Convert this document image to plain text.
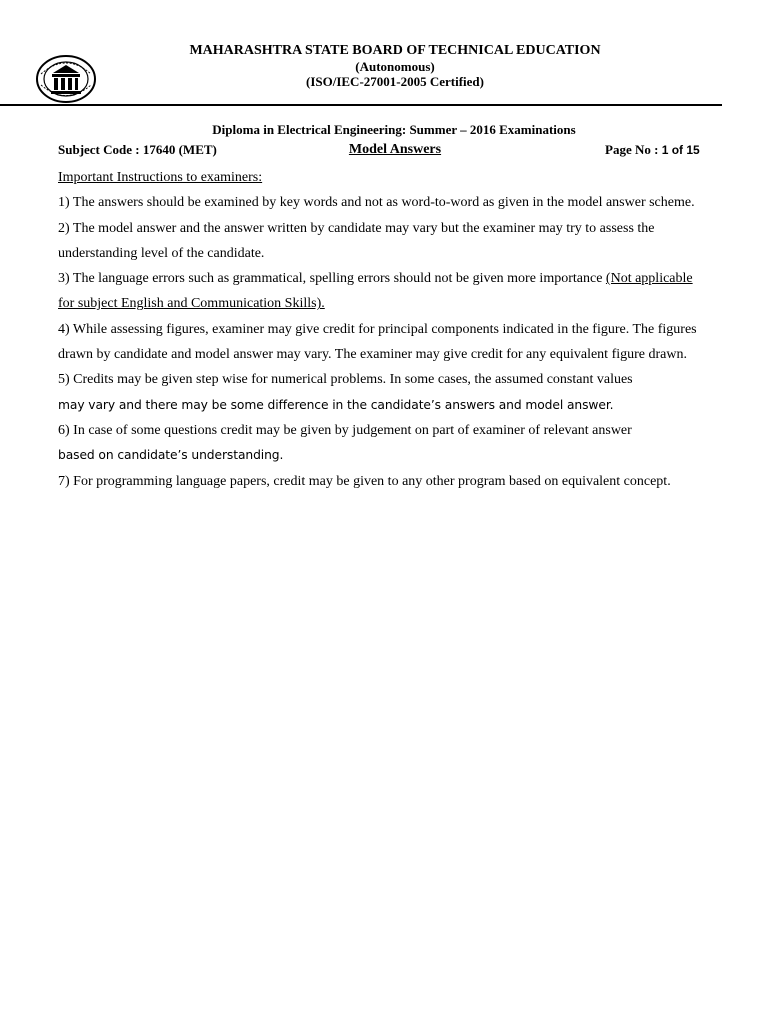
MAHARASHTRA STATE BOARD OF TECHNICAL EDUCATION
(Autonomous)
(ISO/IEC-27001-2005 Certified)
Diploma in Electrical Engineering: Summer – 2016 Examinations
Subject Code : 17640 (MET)	Model Answers	Page No : 1 of 15

Important Instructions to examiners:

1) The answers should be examined by key words and not as word-to-word as given in the model answer scheme.

2) The model answer and the answer written by candidate may vary but the examiner may try to assess the understanding level of the candidate.

3) The language errors such as grammatical, spelling errors should not be given more importance (Not applicable for subject English and Communication Skills).

4) While assessing figures, examiner may give credit for principal components indicated in the figure. The figures drawn by candidate and model answer may vary. The examiner may give credit for any equivalent figure drawn.

5) Credits may be given step wise for numerical problems. In some cases, the assumed constant values
may vary and there may be some difference in the candidate’s answers and model answer.

6) In case of some questions credit may be given by judgement on part of examiner of relevant answer
based on candidate’s understanding.

7) For programming language papers, credit may be given to any other program based on equivalent concept.
